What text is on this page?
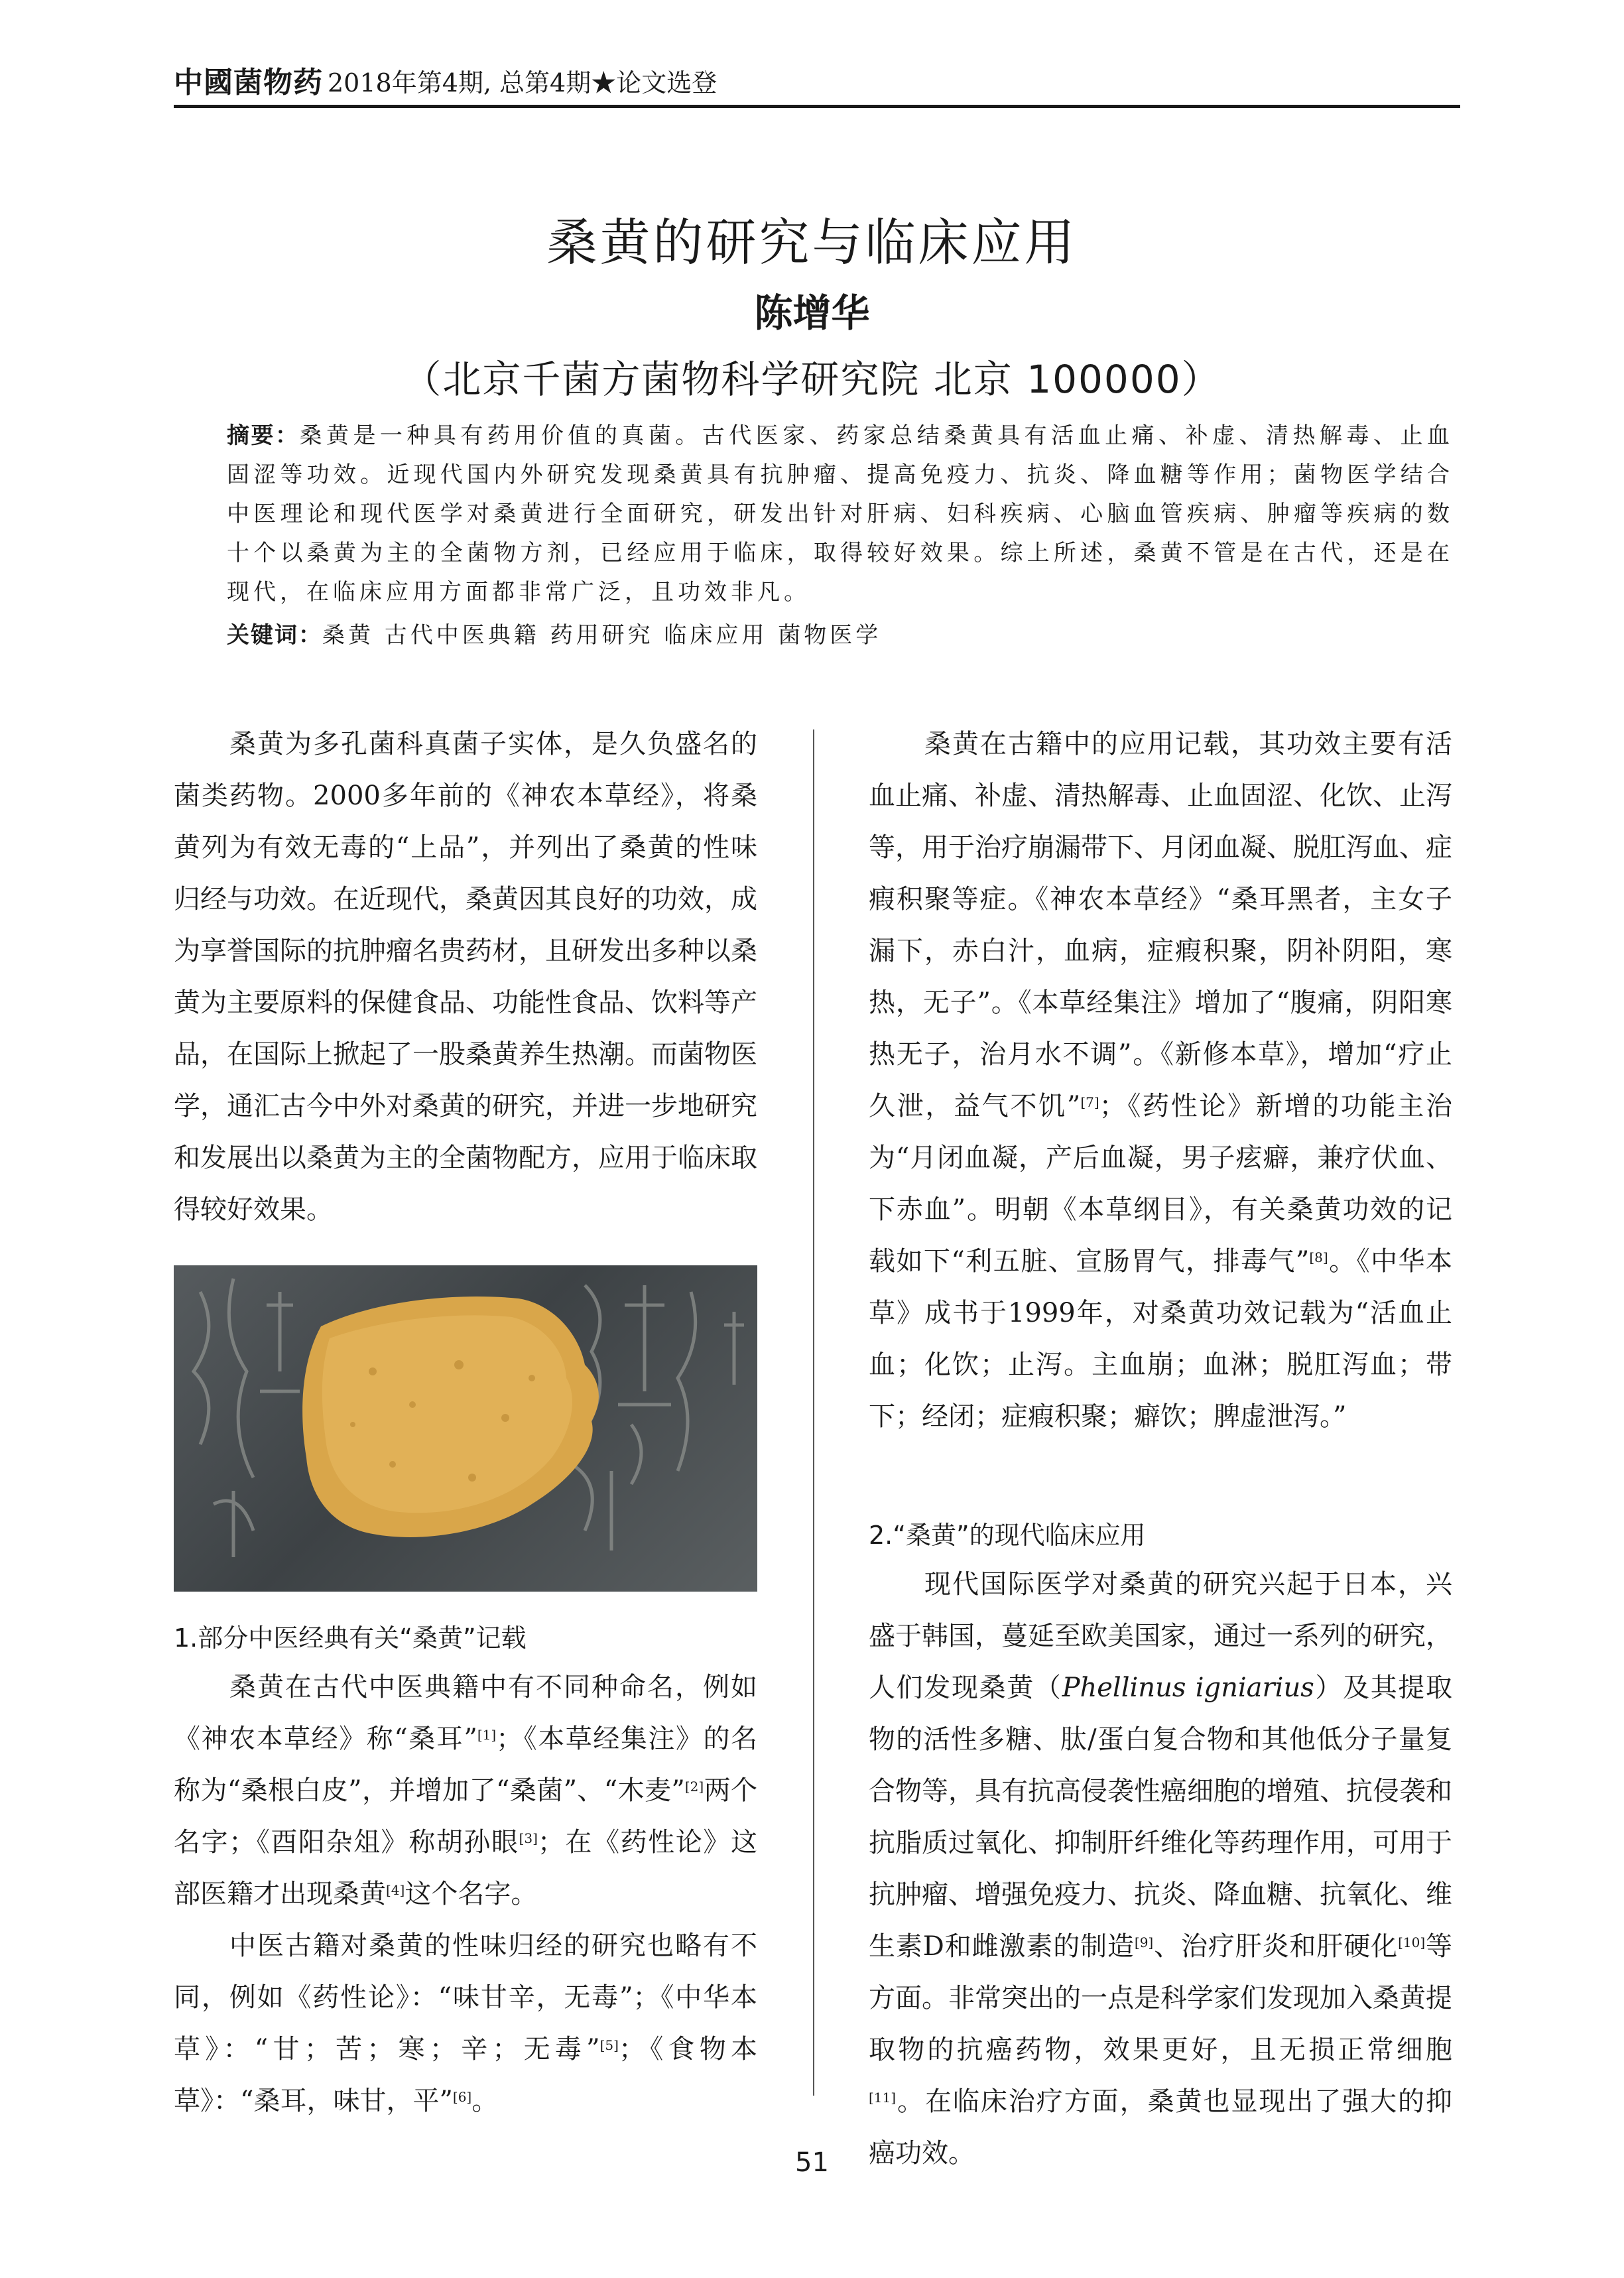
中國菌物药 2018年第4期, 总第4期★论文选登
桑黄的研究与临床应用
陈增华
（北京千菌方菌物科学研究院 北京 100000）
摘要：桑黄是一种具有药用价值的真菌。古代医家、药家总结桑黄具有活血止痛、补虚、清热解毒、止血固涩等功效。近现代国内外研究发现桑黄具有抗肿瘤、提高免疫力、抗炎、降血糖等作用；菌物医学结合中医理论和现代医学对桑黄进行全面研究，研发出针对肝病、妇科疾病、心脑血管疾病、肿瘤等疾病的数十个以桑黄为主的全菌物方剂，已经应用于临床，取得较好效果。综上所述，桑黄不管是在古代，还是在现代，在临床应用方面都非常广泛，且功效非凡。
关键词：桑黄 古代中医典籍 药用研究 临床应用 菌物医学

桑黄为多孔菌科真菌子实体，是久负盛名的菌类药物。2000多年前的《神农本草经》，将桑黄列为有效无毒的“上品”，并列出了桑黄的性味归经与功效。在近现代，桑黄因其良好的功效，成为享誉国际的抗肿瘤名贵药材，且研发出多种以桑黄为主要原料的保健食品、功能性食品、饮料等产品，在国际上掀起了一股桑黄养生热潮。而菌物医学，通汇古今中外对桑黄的研究，并进一步地研究和发展出以桑黄为主的全菌物配方，应用于临床取得较好效果。

1.部分中医经典有关“桑黄”记载

桑黄在古代中医典籍中有不同种命名，例如《神农本草经》称“桑耳”[1]；《本草经集注》的名称为“桑根白皮”，并增加了“桑菌”、“木麦”[2]两个名字；《酉阳杂俎》称胡孙眼[3]；在《药性论》这部医籍才出现桑黄[4]这个名字。

中医古籍对桑黄的性味归经的研究也略有不同，例如《药性论》：“味甘辛，无毒”；《中华本草》：“甘；苦；寒；辛；无毒”[5]；《食物本草》：“桑耳，味甘，平”[6]。

桑黄在古籍中的应用记载，其功效主要有活血止痛、补虚、清热解毒、止血固涩、化饮、止泻等，用于治疗崩漏带下、月闭血凝、脱肛泻血、症瘕积聚等症。《神农本草经》“桑耳黑者，主女子漏下，赤白汁，血病，症瘕积聚，阴补阴阳，寒热，无子”。《本草经集注》增加了“腹痛，阴阳寒热无子，治月水不调”。《新修本草》，增加“疗止久泄，益气不饥”[7]；《药性论》新增的功能主治为“月闭血凝，产后血凝，男子痃癖，兼疗伏血、下赤血”。明朝《本草纲目》，有关桑黄功效的记载如下“利五脏、宣肠胃气，排毒气”[8]。《中华本草》成书于1999年，对桑黄功效记载为“活血止血；化饮；止泻。主血崩；血淋；脱肛泻血；带下；经闭；症瘕积聚；癖饮；脾虚泄泻。”

2.“桑黄”的现代临床应用

现代国际医学对桑黄的研究兴起于日本，兴盛于韩国，蔓延至欧美国家，通过一系列的研究，人们发现桑黄（Phellinus igniarius）及其提取物的活性多糖、肽/蛋白复合物和其他低分子量复合物等，具有抗高侵袭性癌细胞的增殖、抗侵袭和抗脂质过氧化、抑制肝纤维化等药理作用，可用于抗肿瘤、增强免疫力、抗炎、降血糖、抗氧化、维生素D和雌激素的制造[9]、治疗肝炎和肝硬化[10]等方面。非常突出的一点是科学家们发现加入桑黄提取物的抗癌药物，效果更好，且无损正常细胞[11]。在临床治疗方面，桑黄也显现出了强大的抑癌功效。

51
